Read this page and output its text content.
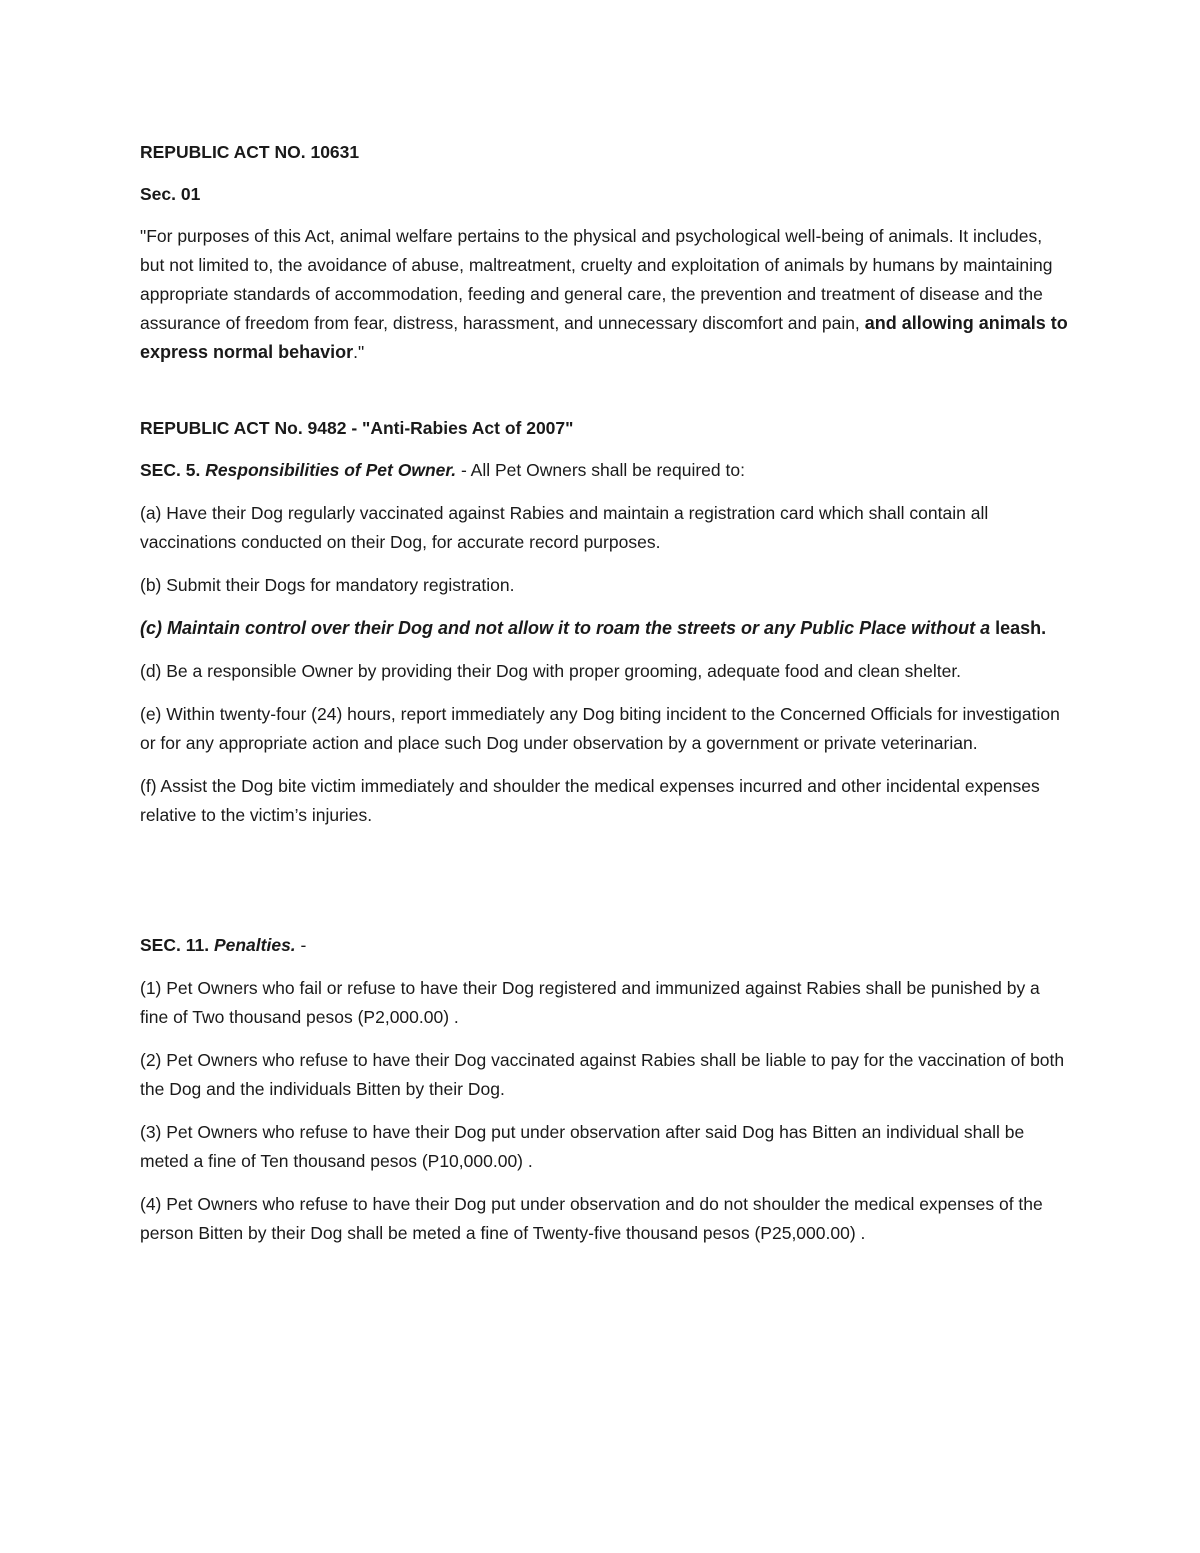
REPUBLIC ACT NO. 10631

Sec. 01

"For purposes of this Act, animal welfare pertains to the physical and psychological well-being of animals. It includes, but not limited to, the avoidance of abuse, maltreatment, cruelty and exploitation of animals by humans by maintaining appropriate standards of accommodation, feeding and general care, the prevention and treatment of disease and the assurance of freedom from fear, distress, harassment, and unnecessary discomfort and pain, and allowing animals to express normal behavior."

REPUBLIC ACT No. 9482 - "Anti-Rabies Act of 2007"

SEC. 5. Responsibilities of Pet Owner. - All Pet Owners shall be required to:

(a) Have their Dog regularly vaccinated against Rabies and maintain a registration card which shall contain all vaccinations conducted on their Dog, for accurate record purposes.

(b) Submit their Dogs for mandatory registration.

(c) Maintain control over their Dog and not allow it to roam the streets or any Public Place without a leash.

(d) Be a responsible Owner by providing their Dog with proper grooming, adequate food and clean shelter.

(e) Within twenty-four (24) hours, report immediately any Dog biting incident to the Concerned Officials for investigation or for any appropriate action and place such Dog under observation by a government or private veterinarian.

(f) Assist the Dog bite victim immediately and shoulder the medical expenses incurred and other incidental expenses relative to the victim’s injuries.

SEC. 11. Penalties. -

(1) Pet Owners who fail or refuse to have their Dog registered and immunized against Rabies shall be punished by a fine of Two thousand pesos (P2,000.00) .

(2) Pet Owners who refuse to have their Dog vaccinated against Rabies shall be liable to pay for the vaccination of both the Dog and the individuals Bitten by their Dog.

(3) Pet Owners who refuse to have their Dog put under observation after said Dog has Bitten an individual shall be meted a fine of Ten thousand pesos (P10,000.00) .

(4) Pet Owners who refuse to have their Dog put under observation and do not shoulder the medical expenses of the person Bitten by their Dog shall be meted a fine of Twenty-five thousand pesos (P25,000.00) .
